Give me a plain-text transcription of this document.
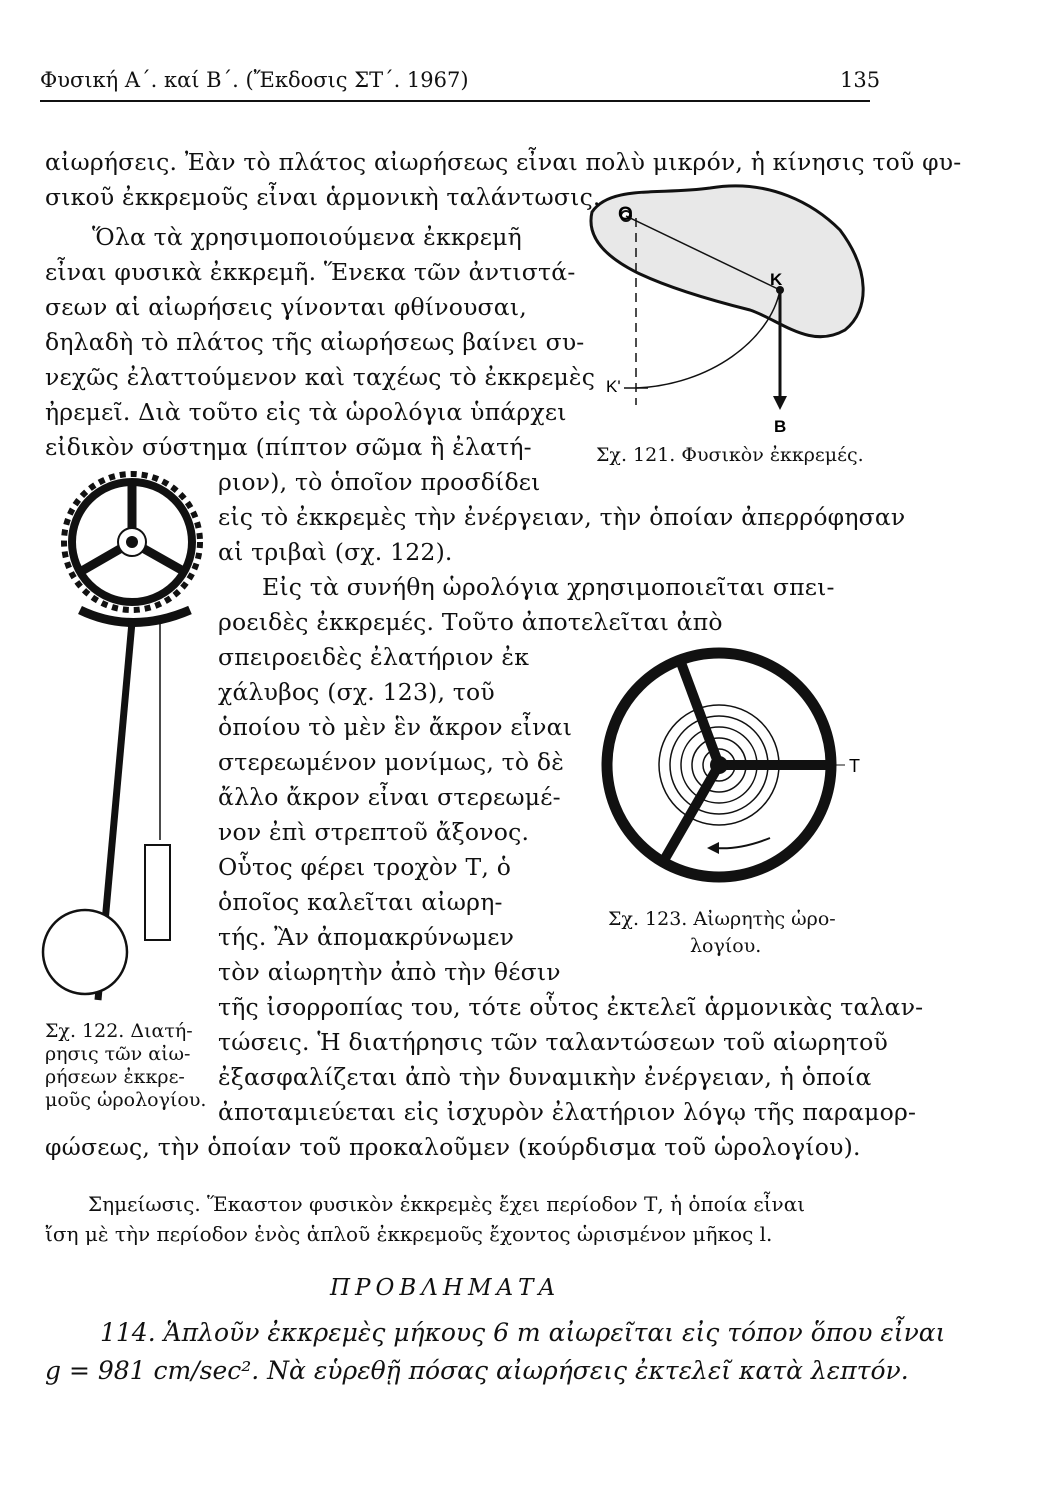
Φυσική Α΄. καί Β΄. (Ἔκδοσις ΣΤ΄. 1967)	135
αἰωρήσεις. Ἐὰν τὸ πλάτος αἰωρήσεως εἶναι πολὺ μικρόν, ἡ κίνησις τοῦ φυ-
σικοῦ ἐκκρεμοῦς εἶναι ἁρμονικὴ ταλάντωσις.
Ὅλα τὰ χρησιμοποιούμενα ἐκκρεμῆ
εἶναι φυσικὰ ἐκκρεμῆ. Ἕνεκα τῶν ἀντιστά-
σεων αἱ αἰωρήσεις γίνονται φθίνουσαι,
δηλαδὴ τὸ πλάτος τῆς αἰωρήσεως βαίνει συ-
νεχῶς ἐλαττούμενον καὶ ταχέως τὸ ἐκκρεμὲς
ἠρεμεῖ. Διὰ τοῦτο εἰς τὰ ὡρολόγια ὑπάρχει
εἰδικὸν σύστημα (πίπτον σῶμα ἢ ἐλατή-
ριον), τὸ ὁποῖον προσδίδει
εἰς τὸ ἐκκρεμὲς τὴν ἐνέργειαν, τὴν ὁποίαν ἀπερρόφησαν
αἱ τριβαὶ (σχ. 122).
Εἰς τὰ συνήθη ὡρολόγια χρησιμοποιεῖται σπει-
ροειδὲς ἐκκρεμές. Τοῦτο ἀποτελεῖται ἀπὸ
σπειροειδὲς ἐλατήριον ἐκ
χάλυβος (σχ. 123), τοῦ
ὁποίου τὸ μὲν ἓν ἄκρον εἶναι
στερεωμένον μονίμως, τὸ δὲ
ἄλλο ἄκρον εἶναι στερεωμέ-
νον ἐπὶ στρεπτοῦ ἄξονος.
Οὗτος φέρει τροχὸν Τ, ὁ
ὁποῖος καλεῖται αἰωρη-
τής. Ἂν ἀπομακρύνωμεν
τὸν αἰωρητὴν ἀπὸ τὴν θέσιν
τῆς ἰσορροπίας του, τότε οὗτος ἐκτελεῖ ἁρμονικὰς ταλαν-
τώσεις. Ἡ διατήρησις τῶν ταλαντώσεων τοῦ αἰωρητοῦ
ἐξασφαλίζεται ἀπὸ τὴν δυναμικὴν ἐνέργειαν, ἡ ὁποία
ἀποταμιεύεται εἰς ἰσχυρὸν ἐλατήριον λόγῳ τῆς παραμορ-
φώσεως, τὴν ὁποίαν τοῦ προκαλοῦμεν (κούρδισμα τοῦ ὡρολογίου).
O
K
K'
B
Σχ. 121. Φυσικὸν ἐκκρεμές.
Σχ. 122. Διατή-
ρησις τῶν αἰω-
ρήσεων ἐκκρε-
μοῦς ὡρολογίου.
T
Σχ. 123. Αἰωρητὴς ὡρο-
λογίου.
Σημείωσις. Ἕκαστον φυσικὸν ἐκκρεμὲς ἔχει περίοδον Τ, ἡ ὁποία εἶναι
ἴση μὲ τὴν περίοδον ἑνὸς ἁπλοῦ ἐκκρεμοῦς ἔχοντος ὡρισμένον μῆκος l.
ΠΡΟΒΛΗΜΑΤΑ
114. Ἁπλοῦν ἐκκρεμὲς μήκους 6 m αἰωρεῖται εἰς τόπον ὅπου εἶναι
g = 981 cm/sec². Νὰ εὑρεθῇ πόσας αἰωρήσεις ἐκτελεῖ κατὰ λεπτόν.
